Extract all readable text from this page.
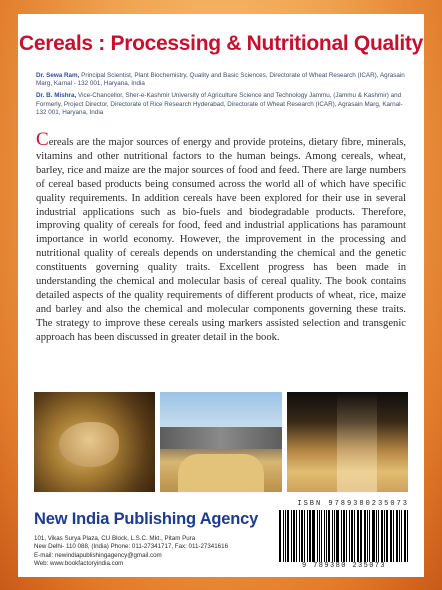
Cereals : Processing & Nutritional Quality

Dr. Sewa Ram, Principal Scientist, Plant Biochemistry, Quality and Basic Sciences, Directorate of Wheat Research (ICAR), Agrasain Marg, Karnal - 132 001, Haryana, India

Dr. B. Mishra, Vice-Chancellor, Sher-e-Kashmir University of Agriculture Science and Technology Jammu, (Jammu & Kashmir) and Formerly, Project Director, Directorate of Rice Research Hyderabad, Directorate of Wheat Research (ICAR), Agrasain Marg, Karnal-132 001, Haryana, India

Cereals are the major sources of energy and provide proteins, dietary fibre, minerals, vitamins and other nutritional factors to the human beings. Among cereals, wheat, barley, rice and maize are the major sources of food and feed. There are large numbers of cereal based products being consumed across the world all of which have specific quality requirements. In addition cereals have been explored for their use in several industrial applications such as bio-fuels and biodegradable products. Therefore, improving quality of cereals for food, feed and industrial applications has paramount importance in world economy. However, the improvement in the processing and nutritional quality of cereals depends on understanding the chemical and the genetic constituents governing quality traits. Excellent progress has been made in understanding the chemical and molecular basis of cereal quality. The book contains detailed aspects of the quality requirements of different products of wheat, rice, maize and barley and also the chemical and molecular components governing these traits. The strategy to improve these cereals using markers assisted selection and transgenic approach has been discussed in greater detail in the book.
New India Publishing Agency
101, Vikas Surya Plaza, CU Block, L.S.C. Mkt., Pitam Pura
New Delhi- 110 088, (India) Phone: 011-27341717, Fax: 011-27341616
E-mail: newindiapublishingagency@gmail.com
Web: www.bookfactoryindia.com
ISBN 9789380235073
9 789380 235073
